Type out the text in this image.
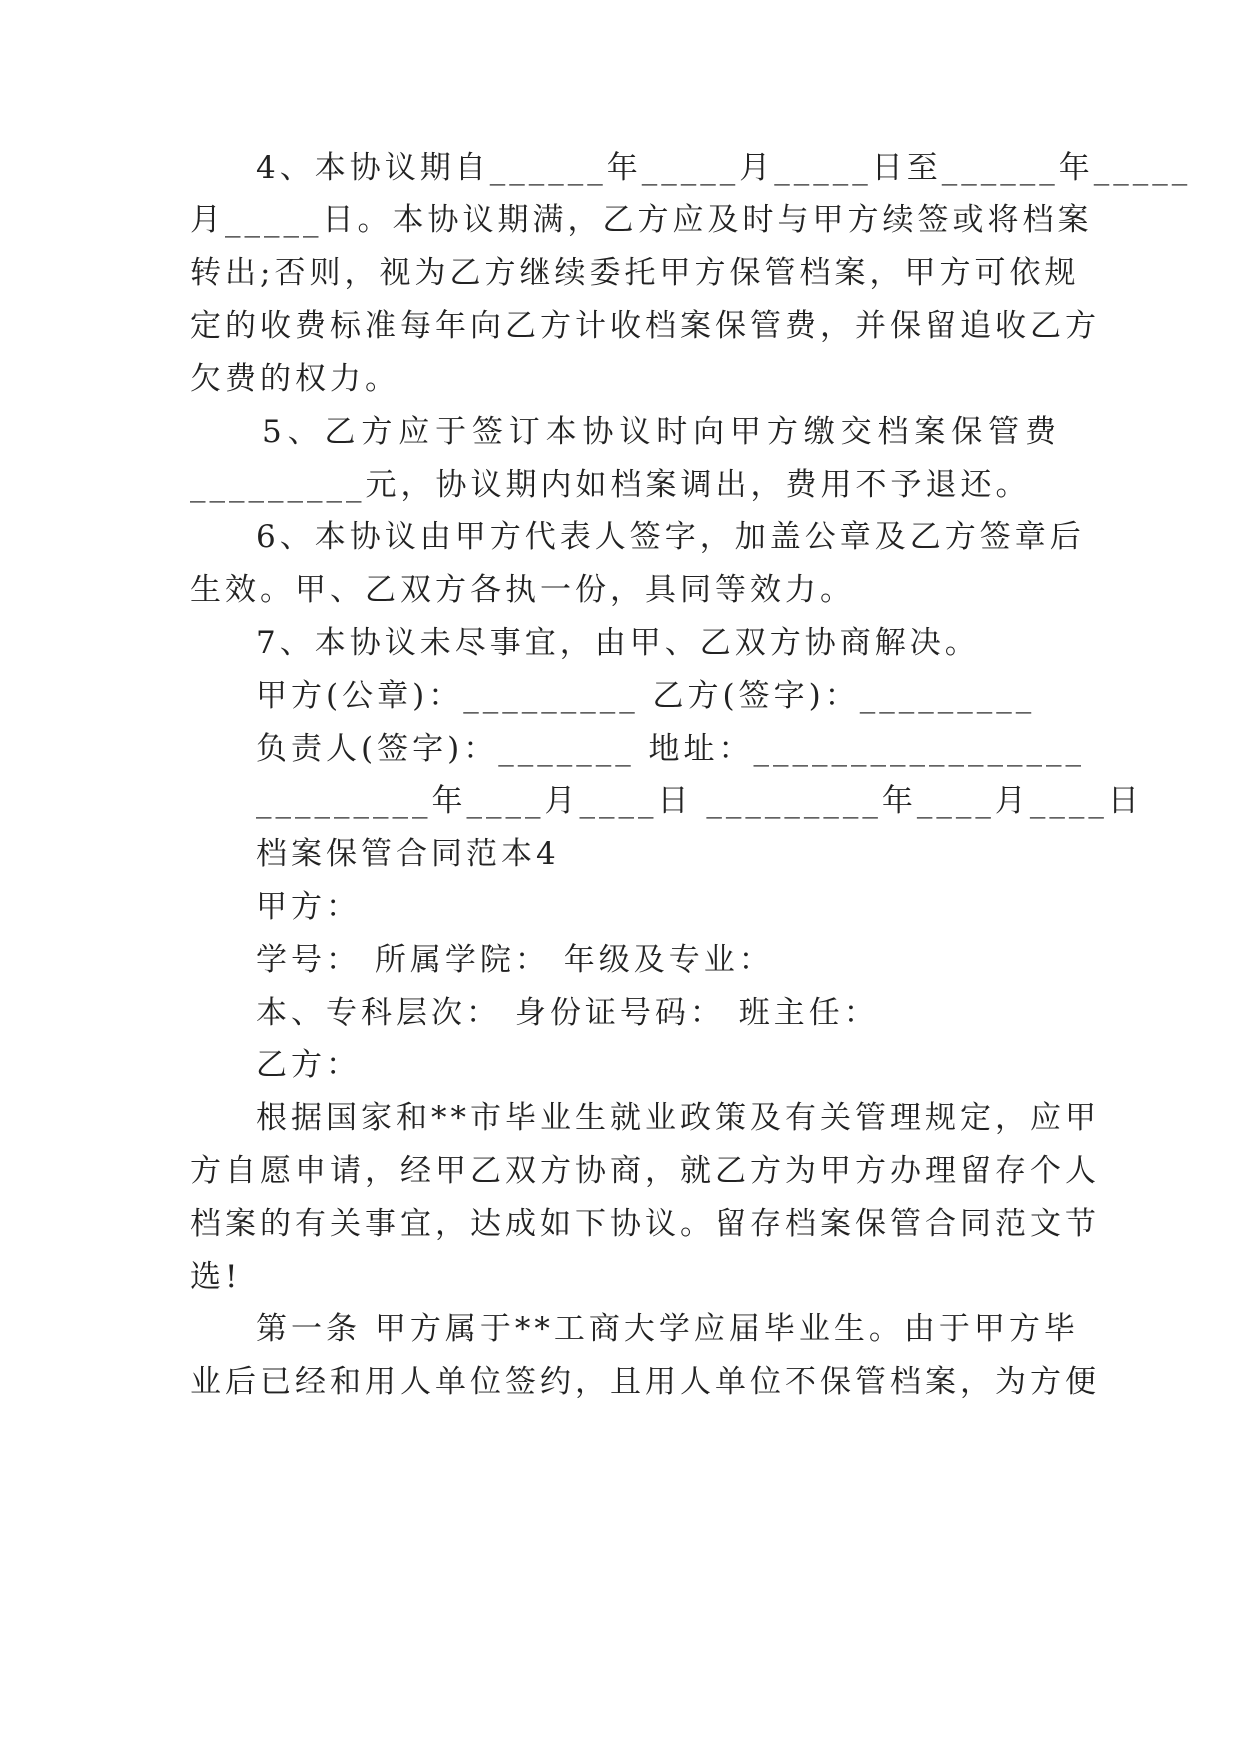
4、本协议期自______年_____月_____日至______年_____
月_____日。本协议期满，乙方应及时与甲方续签或将档案
转出;否则，视为乙方继续委托甲方保管档案，甲方可依规
定的收费标准每年向乙方计收档案保管费，并保留追收乙方
欠费的权力。
5、乙方应于签订本协议时向甲方缴交档案保管费
_________元，协议期内如档案调出，费用不予退还。
6、本协议由甲方代表人签字，加盖公章及乙方签章后
生效。甲、乙双方各执一份，具同等效力。
7、本协议未尽事宜，由甲、乙双方协商解决。
甲方(公章)：_________ 乙方(签字)：_________
负责人(签字)：_______ 地址：_________________
_________年____月____日 _________年____月____日
档案保管合同范本4
甲方：
学号： 所属学院： 年级及专业：
本、专科层次： 身份证号码： 班主任：
乙方：
根据国家和**市毕业生就业政策及有关管理规定，应甲
方自愿申请，经甲乙双方协商，就乙方为甲方办理留存个人
档案的有关事宜，达成如下协议。留存档案保管合同范文节
选!
第一条 甲方属于**工商大学应届毕业生。由于甲方毕
业后已经和用人单位签约，且用人单位不保管档案，为方便
